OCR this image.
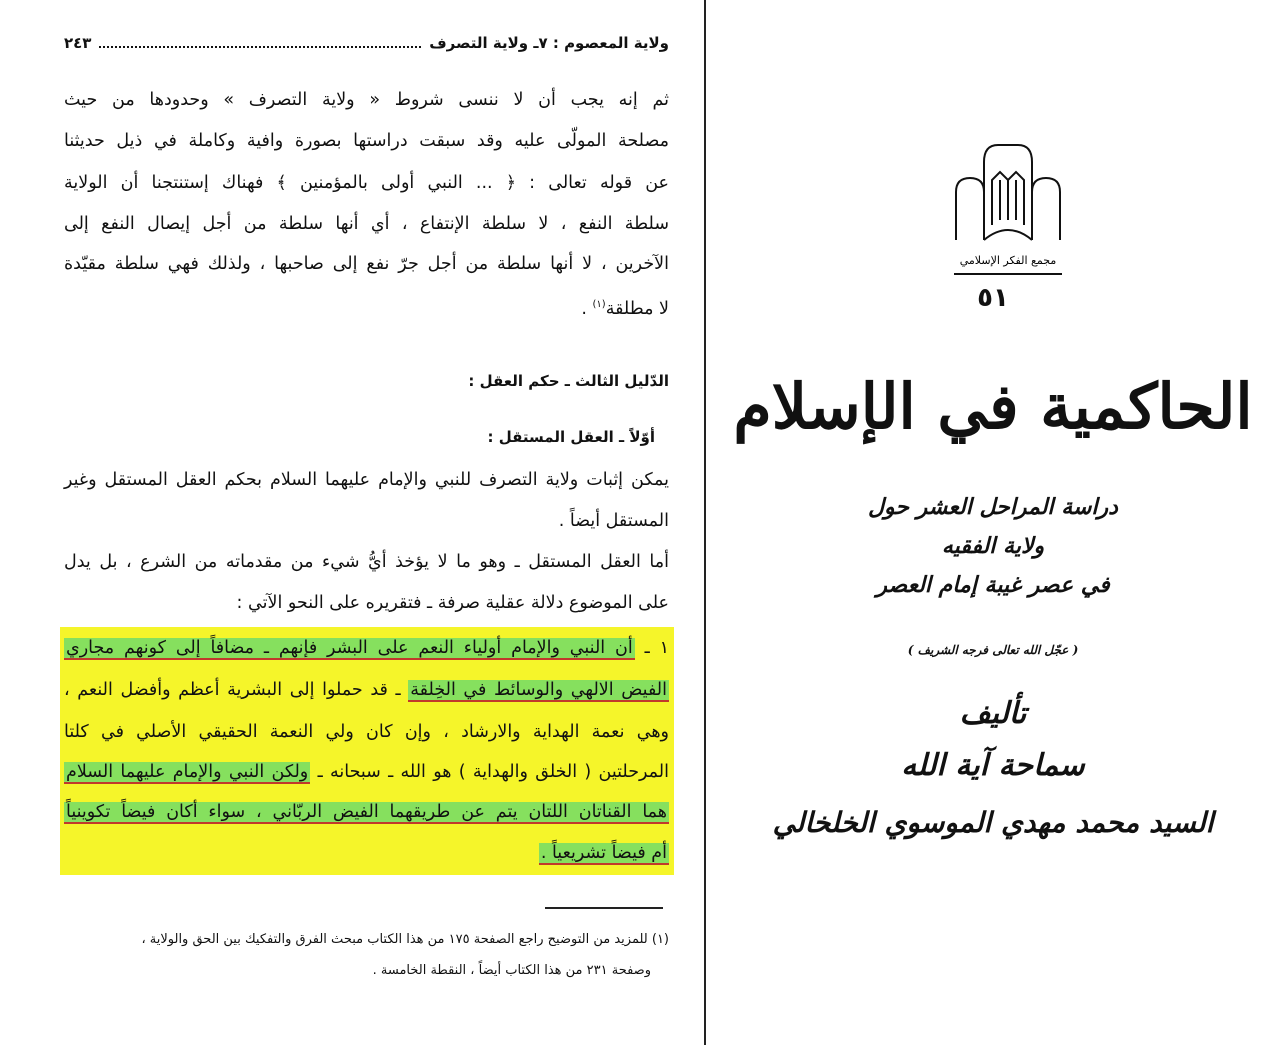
ولاية المعصوم : ٧ـ ولاية التصرف
٢٤٣
ثم إنه يجب أن لا ننسى شروط « ولاية التصرف » وحدودها من حيث
مصلحة المولّى عليه وقد سبقت دراستها بصورة وافية وكاملة في ذيل حديثنا
عن قوله تعالى : ﴿ ... النبي أولى بالمؤمنين ﴾ فهناك إستنتجنا أن الولاية
سلطة النفع ، لا سلطة الإنتفاع ، أي أنها سلطة من أجل إيصال النفع إلى
الآخرين ، لا أنها سلطة من أجل جرّ نفع إلى صاحبها ، ولذلك فهي سلطة مقيّدة
لا مطلقة$^{(١)}$ .
الدّليل الثالث ـ حكم العقل :
أوّلاً ـ العقل المستقل :
يمكن إثبات ولاية التصرف للنبي والإمام عليهما السلام بحكم العقل المستقل وغير
المستقل أيضاً .
أما العقل المستقل ـ وهو ما لا يؤخذ أيُّ شيء من مقدماته من الشرع ، بل يدل
على الموضوع دلالة عقلية صرفة ـ فتقريره على النحو الآتي :
١ ـ أن النبي والإمام أولياء النعم على البشر فإنهم ـ مضافاً إلى كونهم مجاري
الفيض الالهي والوسائط في الخِلقة ـ قد حملوا إلى البشرية أعظم وأفضل النعم ،
وهي نعمة الهداية والارشاد ، وإن كان ولي النعمة الحقيقي الأصلي في كلتا
المرحلتين ( الخلق والهداية ) هو الله ـ سبحانه ـ ولكن النبي والإمام عليهما السلام
هما القناتان اللتان يتم عن طريقهما الفيض الربّاني ، سواء أكان فيضاً تكوينياً
أم فيضاً تشريعياً .
(١) للمزيد من التوضيح راجع الصفحة ١٧٥ من هذا الكتاب مبحث الفرق والتفكيك بين الحق والولاية ،
وصفحة ٢٣١ من هذا الكتاب أيضاً ، النقطة الخامسة .
مجمع الفكر الإسلامي
٥١
الحاكمية في الإسلام
دراسة المراحل العشر حول
ولاية الفقيه
في عصر غيبة إمام العصر
( عجّل الله تعالى فرجه الشريف )
تأليف
سماحة آية الله
السيد محمد مهدي الموسوي الخلخالي
